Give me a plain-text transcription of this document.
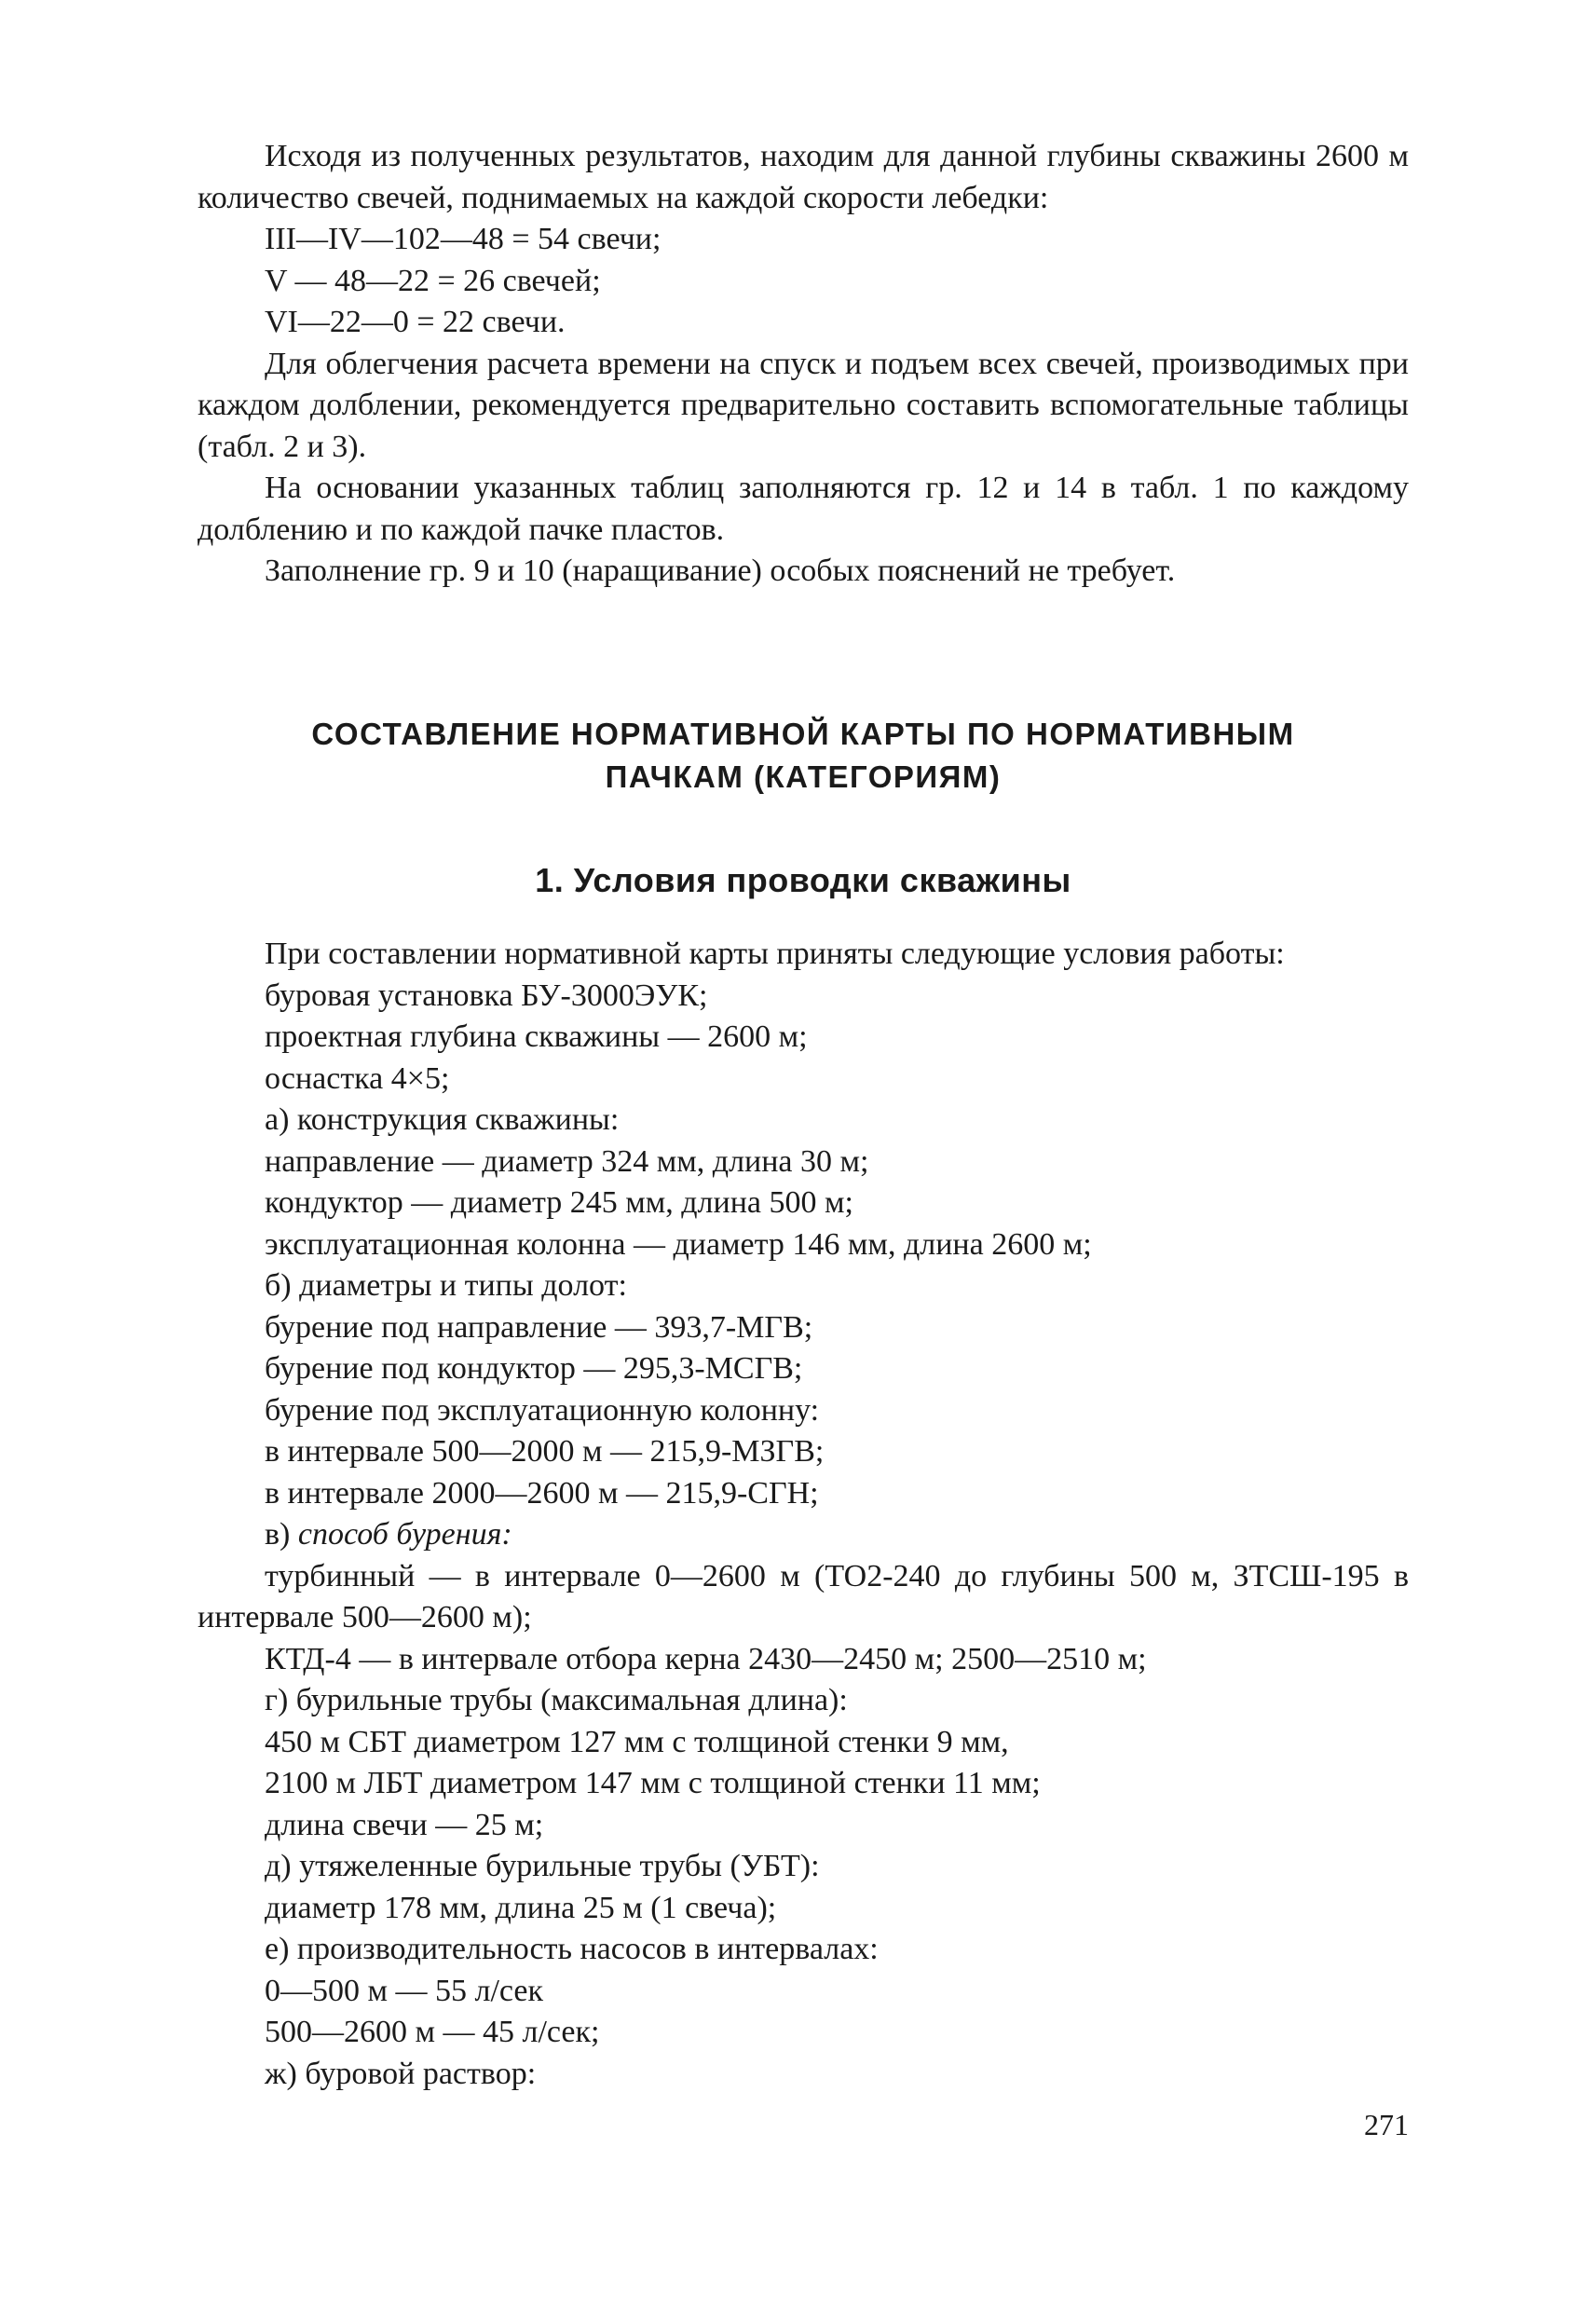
Исходя из полученных результатов, находим для данной глубины скважины 2600 м количество свечей, поднимаемых на каждой скорости лебедки:

III—IV—102—48 = 54 свечи;

V — 48—22 = 26 свечей;

VI—22—0 = 22 свечи.

Для облегчения расчета времени на спуск и подъем всех свечей, производимых при каждом долблении, рекомендуется предварительно составить вспомогательные таблицы (табл. 2 и 3).

На основании указанных таблиц заполняются гр. 12 и 14 в табл. 1 по каждому долблению и по каждой пачке пластов.

Заполнение гр. 9 и 10 (наращивание) особых пояснений не требует.

СОСТАВЛЕНИЕ НОРМАТИВНОЙ КАРТЫ ПО НОРМАТИВНЫМ
ПАЧКАМ (КАТЕГОРИЯМ)
1. Условия проводки скважины

При составлении нормативной карты приняты следующие условия работы:

буровая установка БУ-3000ЭУК;

проектная глубина скважины — 2600 м;

оснастка 4×5;

а) конструкция скважины:

направление — диаметр 324 мм, длина 30 м;

кондуктор — диаметр 245 мм, длина 500 м;

эксплуатационная колонна — диаметр 146 мм, длина 2600 м;

б) диаметры и типы долот:

бурение под направление — 393,7-МГВ;

бурение под кондуктор — 295,3-МСГВ;

бурение под эксплуатационную колонну:

в интервале 500—2000 м — 215,9-МЗГВ;

в интервале 2000—2600 м — 215,9-СГН;

в) способ бурения:

турбинный — в интервале 0—2600 м (ТО2-240 до глубины 500 м, ЗТСШ-195 в интервале 500—2600 м);

КТД-4 — в интервале отбора керна 2430—2450 м; 2500—2510 м;

г) бурильные трубы (максимальная длина):

450 м СБТ диаметром 127 мм с толщиной стенки 9 мм,

2100 м ЛБТ диаметром 147 мм с толщиной стенки 11 мм;

длина свечи — 25 м;

д) утяжеленные бурильные трубы (УБТ):

диаметр 178 мм, длина 25 м (1 свеча);

е) производительность насосов в интервалах:

0—500 м — 55 л/сек

500—2600 м — 45 л/сек;

ж) буровой раствор:

271
